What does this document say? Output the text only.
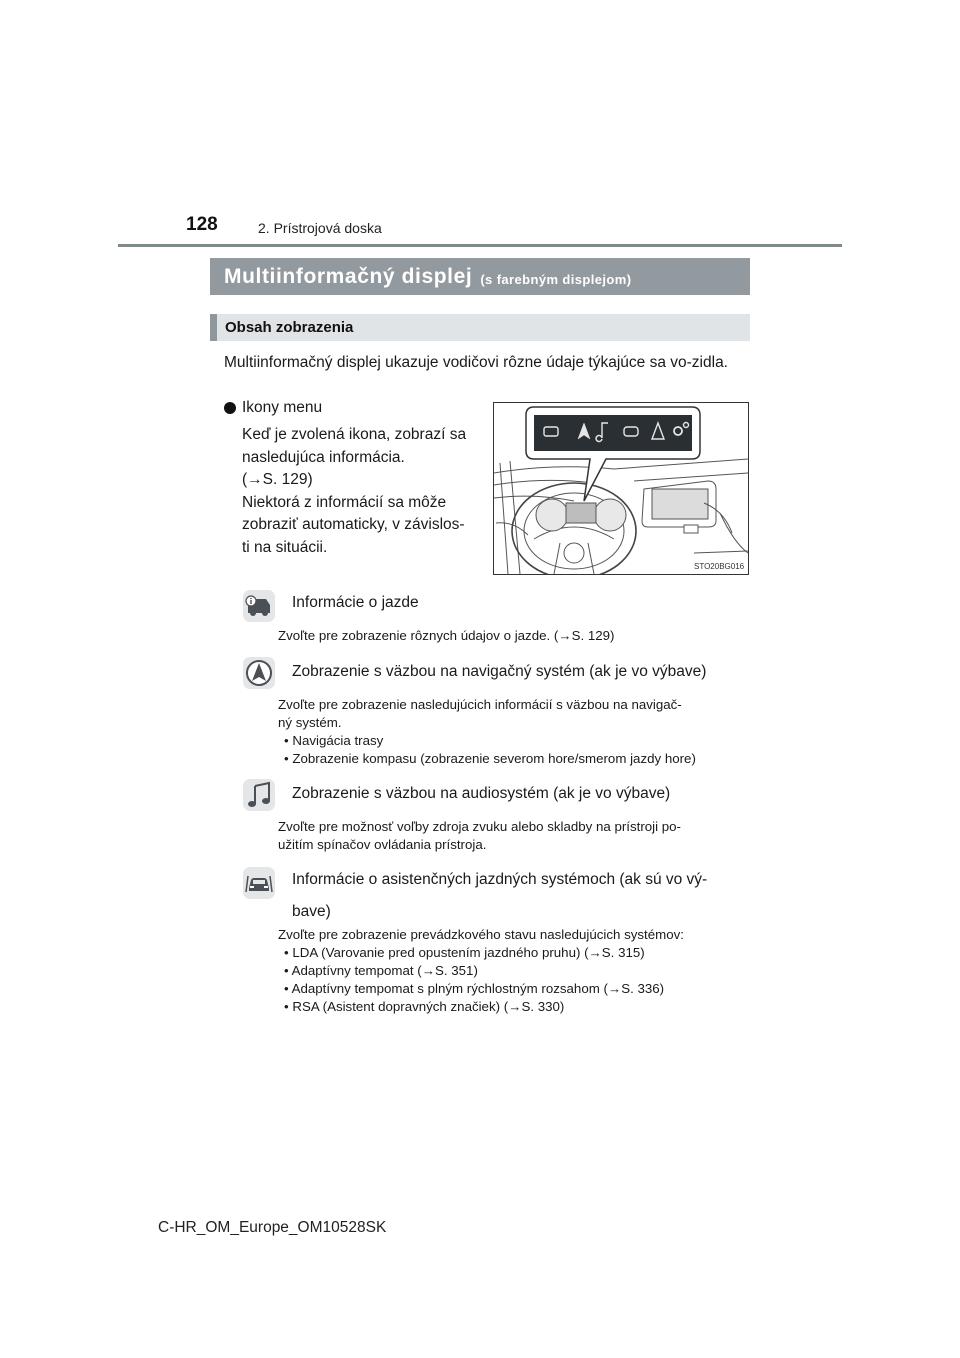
128	2. Prístrojová doska
Multiinformačný displej (s farebným displejom)
Obsah zobrazenia
Multiinformačný displej ukazuje vodičovi rôzne údaje týkajúce sa vo-zidla.
Ikony menu
Keď je zvolená ikona, zobrazí sa
nasledujúca informácia.
(→S. 129)
Niektorá z informácií sa môže
zobraziť automaticky, v závislos-
ti na situácii.
STO20BG016
Informácie o jazde
Zvoľte pre zobrazenie rôznych údajov o jazde. (→S. 129)
Zobrazenie s väzbou na navigačný systém (ak je vo výbave)
Zvoľte pre zobrazenie nasledujúcich informácií s väzbou na navigač-
ný systém.
• Navigácia trasy
• Zobrazenie kompasu (zobrazenie severom hore/smerom jazdy hore)
Zobrazenie s väzbou na audiosystém (ak je vo výbave)
Zvoľte pre možnosť voľby zdroja zvuku alebo skladby na prístroji po-
užitím spínačov ovládania prístroja.
Informácie o asistenčných jazdných systémoch (ak sú vo vý-
bave)
Zvoľte pre zobrazenie prevádzkového stavu nasledujúcich systémov:
• LDA (Varovanie pred opustením jazdného pruhu) (→S. 315)
• Adaptívny tempomat (→S. 351)
• Adaptívny tempomat s plným rýchlostným rozsahom (→S. 336)
• RSA (Asistent dopravných značiek) (→S. 330)
C-HR_OM_Europe_OM10528SK
